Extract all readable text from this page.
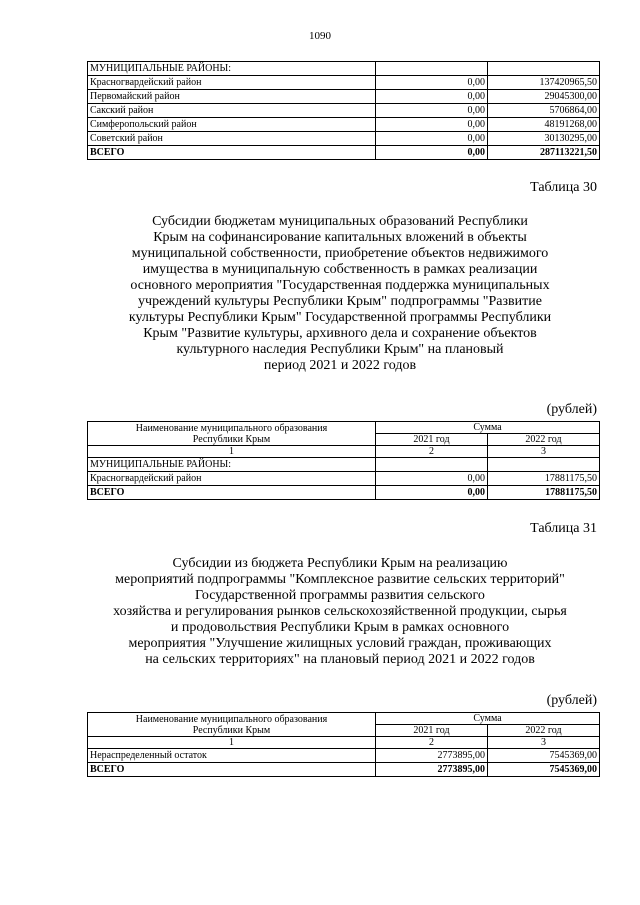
1090
МУНИЦИПАЛЬНЫЕ РАЙОНЫ:		
Красногвардейский район	0,00	137420965,50
Первомайский район	0,00	29045300,00
Сакский район	0,00	5706864,00
Симферопольский район	0,00	48191268,00
Советский район	0,00	30130295,00
ВСЕГО	0,00	287113221,50
Таблица 30
Субсидии бюджетам муниципальных образований Республики
Крым на софинансирование капитальных вложений в объекты
муниципальной собственности, приобретение объектов недвижимого
имущества в муниципальную собственность в рамках реализации
основного мероприятия "Государственная поддержка муниципальных
учреждений культуры Республики Крым" подпрограммы "Развитие
культуры Республики Крым" Государственной программы Республики
Крым "Развитие культуры, архивного дела и сохранение объектов
культурного наследия Республики Крым" на плановый
период 2021 и 2022 годов
(рублей)
Наименование муниципального образования
Республики Крым	Сумма	
	2021 год	2022 год
1	2	3
МУНИЦИПАЛЬНЫЕ РАЙОНЫ:		
Красногвардейский район	0,00	17881175,50
ВСЕГО	0,00	17881175,50
Таблица 31
Субсидии из бюджета Республики Крым на реализацию
мероприятий подпрограммы "Комплексное развитие сельских территорий"
Государственной программы развития сельского
хозяйства и регулирования рынков сельскохозяйственной продукции, сырья
и продовольствия Республики Крым в рамках основного
мероприятия "Улучшение жилищных условий граждан, проживающих
на сельских территориях" на плановый период 2021 и 2022 годов
(рублей)
Наименование муниципального образования
Республики Крым	Сумма	
	2021 год	2022 год
1	2	3
Нераспределенный остаток	2773895,00	7545369,00
ВСЕГО	2773895,00	7545369,00
